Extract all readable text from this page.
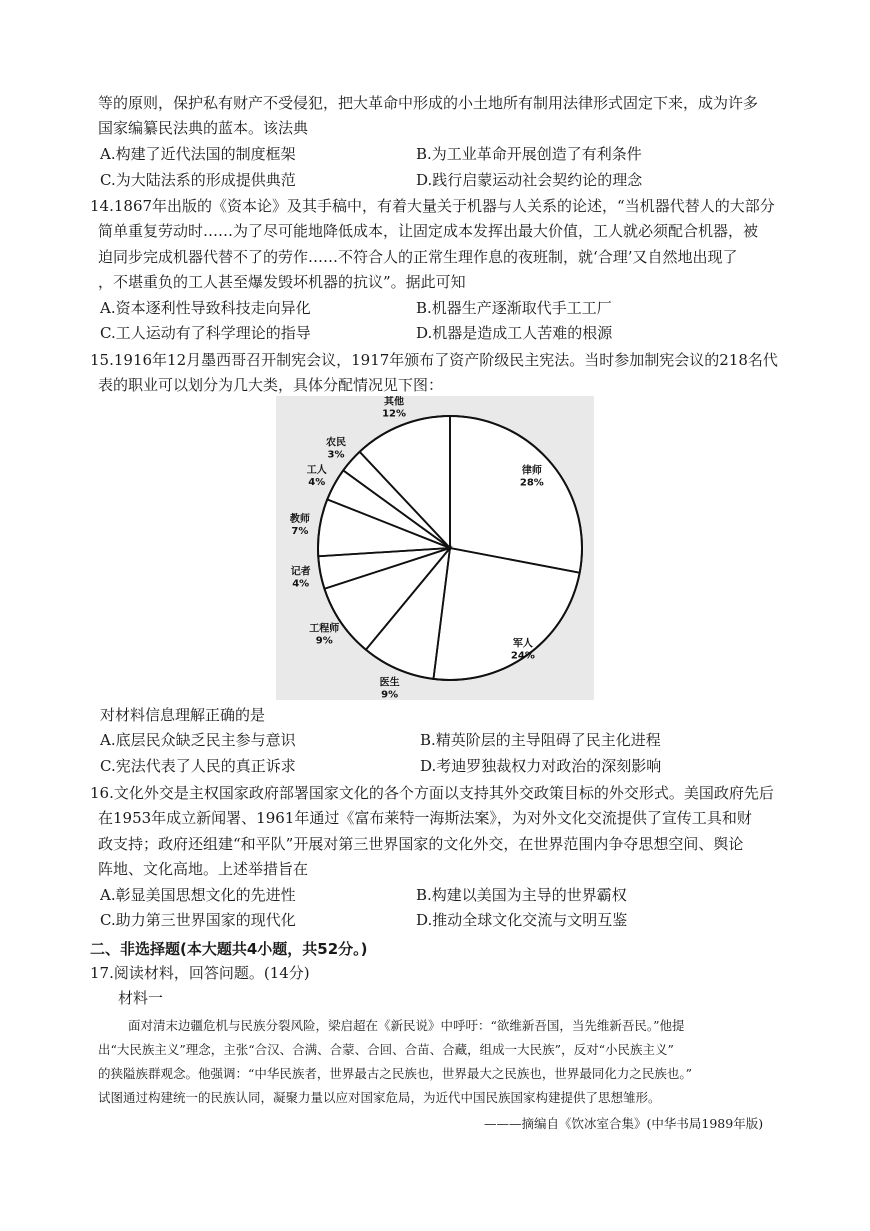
等的原则，保护私有财产不受侵犯，把大革命中形成的小土地所有制用法律形式固定下来，成为许多
国家编纂民法典的蓝本。该法典
A.构建了近代法国的制度框架	B.为工业革命开展创造了有利条件
C.为大陆法系的形成提供典范	D.践行启蒙运动社会契约论的理念
14.1867年出版的《资本论》及其手稿中，有着大量关于机器与人关系的论述，“当机器代替人的大部分
简单重复劳动时……为了尽可能地降低成本，让固定成本发挥出最大价值，工人就必须配合机器，被
迫同步完成机器代替不了的劳作……不符合人的正常生理作息的夜班制，就‘合理’又自然地出现了
，不堪重负的工人甚至爆发毁坏机器的抗议”。据此可知
A.资本逐利性导致科技走向异化	B.机器生产逐渐取代手工工厂
C.工人运动有了科学理论的指导	D.机器是造成工人苦难的根源
15.1916年12月墨西哥召开制宪会议，1917年颁布了资产阶级民主宪法。当时参加制宪会议的218名代
表的职业可以划分为几大类，具体分配情况见下图：
律师
28%
军人
24%
医生
9%
工程师
9%
记者
4%
教师
7%
工人
4%
农民
3%
其他
12%
对材料信息理解正确的是
A.底层民众缺乏民主参与意识	B.精英阶层的主导阻碍了民主化进程
C.宪法代表了人民的真正诉求	D.考迪罗独裁权力对政治的深刻影响
16.文化外交是主权国家政府部署国家文化的各个方面以支持其外交政策目标的外交形式。美国政府先后
在1953年成立新闻署、1961年通过《富布莱特一海斯法案》，为对外文化交流提供了宣传工具和财
政支持；政府还组建“和平队”开展对第三世界国家的文化外交，在世界范围内争夺思想空间、舆论
阵地、文化高地。上述举措旨在
A.彰显美国思想文化的先进性	B.构建以美国为主导的世界霸权
C.助力第三世界国家的现代化	D.推动全球文化交流与文明互鉴
二、非选择题(本大题共4小题，共52分。)
17.阅读材料，回答问题。(14分)
材料一
面对清末边疆危机与民族分裂风险，梁启超在《新民说》中呼吁：“欲维新吾国，当先维新吾民。”他提
出“大民族主义”理念，主张“合汉、合满、合蒙、合回、合苗、合藏，组成一大民族”，反对“小民族主义”
的狭隘族群观念。他强调：“中华民族者，世界最古之民族也，世界最大之民族也，世界最同化力之民族也。”
试图通过构建统一的民族认同，凝聚力量以应对国家危局，为近代中国民族国家构建提供了思想雏形。
———摘编自《饮冰室合集》(中华书局1989年版)
